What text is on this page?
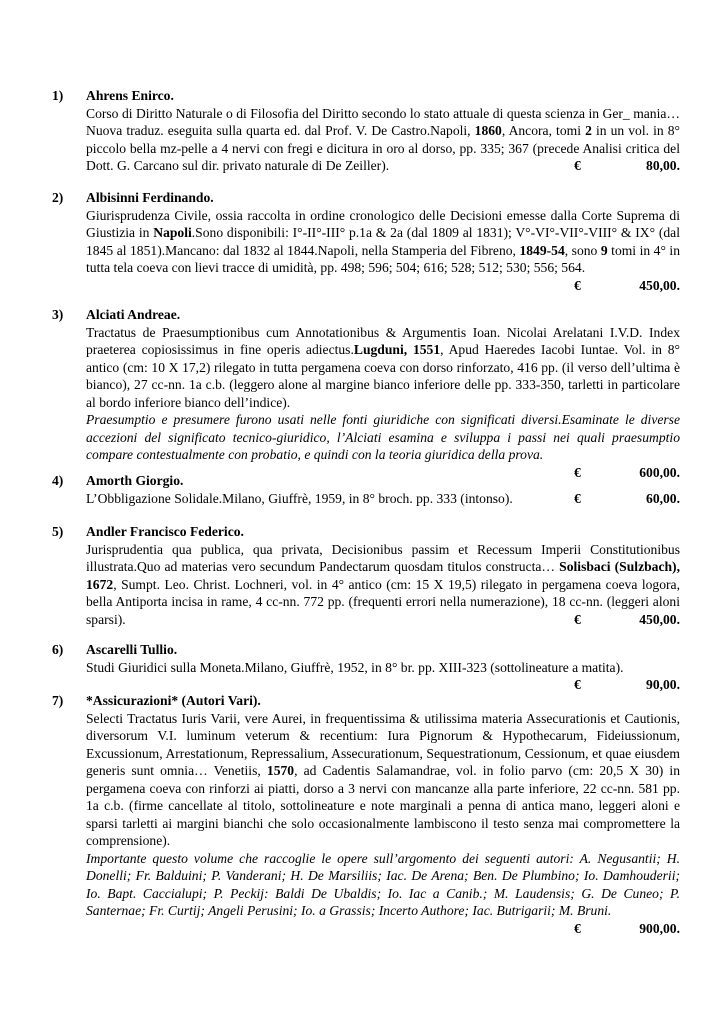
1) Ahrens Enirco.
Corso di Diritto Naturale o di Filosofia del Diritto secondo lo stato attuale di questa scienza in Ger_ mania… Nuova traduz. eseguita sulla quarta ed. dal Prof. V. De Castro.Napoli, 1860, Ancora, tomi 2 in un vol. in 8° piccolo bella mz-pelle a 4 nervi con fregi e dicitura in oro al dorso, pp. 335; 367 (precede Analisi critica del Dott. G. Carcano sul dir. privato naturale di De Zeiller).	€	80,00.
2) Albisinni Ferdinando.
Giurisprudenza Civile, ossia raccolta in ordine cronologico delle Decisioni emesse dalla Corte Suprema di Giustizia in Napoli.Sono disponibili: I°-II°-III° p.1a & 2a (dal 1809 al 1831); V°-VI°-VII°-VIII° & IX° (dal 1845 al 1851).Mancano: dal 1832 al 1844.Napoli, nella Stamperia del Fibreno, 1849-54, sono 9 tomi in 4° in tutta tela coeva con lievi tracce di umidità, pp. 498; 596; 504; 616; 528; 512; 530; 556; 564.
€	450,00.
3) Alciati Andreae.
Tractatus de Praesumptionibus cum Annotationibus & Argumentis Ioan. Nicolai Arelatani I.V.D. Index praeterea copiosissimus in fine operis adiectus.Lugduni, 1551, Apud Haeredes Iacobi Iuntae. Vol. in 8° antico (cm: 10 X 17,2) rilegato in tutta pergamena coeva con dorso rinforzato, 416 pp. (il verso dell’ultima è bianco), 27 cc-nn. 1a c.b. (leggero alone al margine bianco inferiore delle pp. 333-350, tarletti in particolare al bordo inferiore bianco dell’indice).
Praesumptio e presumere furono usati nelle fonti giuridiche con significati diversi.Esaminate le diverse accezioni del significato tecnico-giuridico, l’Alciati esamina e sviluppa i passi nei quali praesumptio compare contestualmente con probatio, e quindi con la teoria giuridica della prova.
€	600,00.
4) Amorth Giorgio.
L’Obbligazione Solidale.Milano, Giuffrè, 1959, in 8° broch. pp. 333 (intonso).	€	60,00.
5) Andler Francisco Federico.
Jurisprudentia qua publica, qua privata, Decisionibus passim et Recessum Imperii Constitutionibus illustrata.Quo ad materias vero secundum Pandectarum quosdam titulos constructa… Solisbaci (Sulzbach), 1672, Sumpt. Leo. Christ. Lochneri, vol. in 4° antico (cm: 15 X 19,5) rilegato in pergamena coeva logora, bella Antiporta incisa in rame, 4 cc-nn. 772 pp. (frequenti errori nella numerazione), 18 cc-nn. (leggeri aloni sparsi).	€	450,00.
6) Ascarelli Tullio.
Studi Giuridici sulla Moneta.Milano, Giuffrè, 1952, in 8° br. pp. XIII-323 (sottolineature a matita).
€	90,00.
7) *Assicurazioni* (Autori Vari).
Selecti Tractatus Iuris Varii, vere Aurei, in frequentissima & utilissima materia Assecurationis et Cautionis, diversorum V.I. luminum veterum & recentium: Iura Pignorum & Hypothecarum, Fideiussionum, Excussionum, Arrestationum, Repressalium, Assecurationum, Sequestrationum, Cessionum, et quae eiusdem generis sunt omnia… Venetiis, 1570, ad Cadentis Salamandrae, vol. in folio parvo (cm: 20,5 X 30) in pergamena coeva con rinforzi ai piatti, dorso a 3 nervi con mancanze alla parte inferiore, 22 cc-nn. 581 pp. 1a c.b. (firme cancellate al titolo, sottolineature e note marginali a penna di antica mano, leggeri aloni e sparsi tarletti ai margini bianchi che solo occasionalmente lambiscono il testo senza mai compromettere la comprensione).
Importante questo volume che raccoglie le opere sull’argomento dei seguenti autori: A. Negusantii; H. Donelli; Fr. Balduini; P. Vanderani; H. De Marsiliis; Iac. De Arena; Ben. De Plumbino; Io. Damhouderii; Io. Bapt. Caccialupi; P. Peckij: Baldi De Ubaldis; Io. Iac a Canib.; M. Laudensis; G. De Cuneo; P. Santernae; Fr. Curtij; Angeli Perusini; Io. a Grassis; Incerto Authore; Iac. Butrigarii; M. Bruni.
€	900,00.
